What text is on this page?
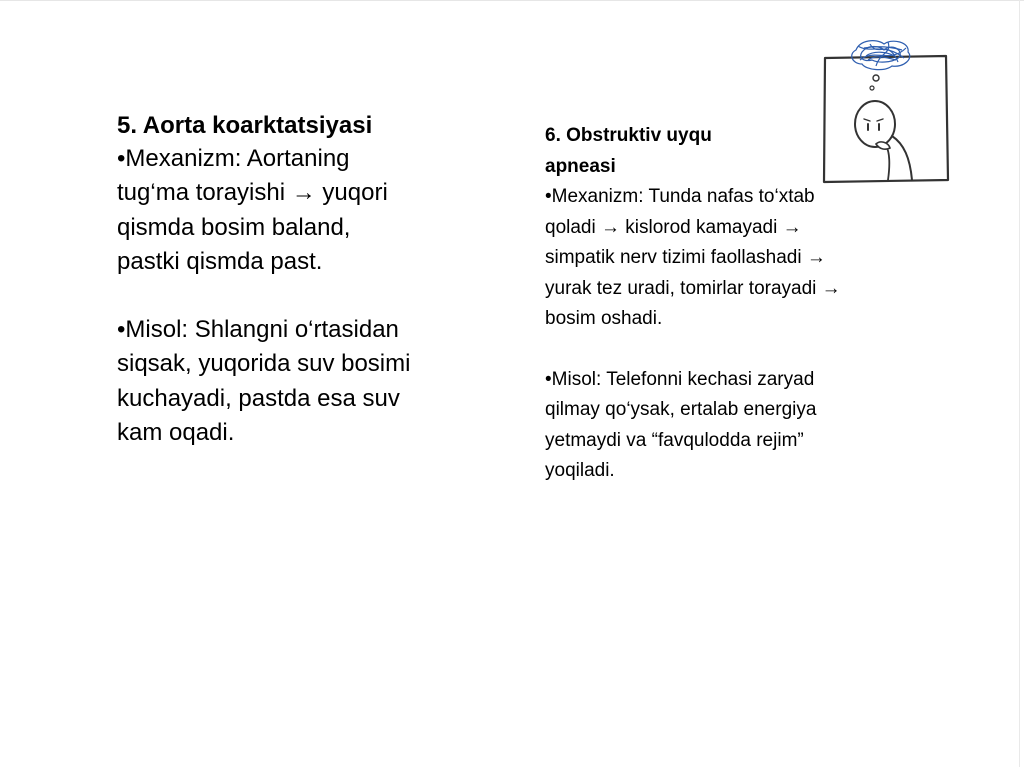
5. Aorta koarktatsiyasi

•Mexanizm: Aortaning tug‘ma torayishi → yuqori qismda bosim baland, pastki qismda past.

•Misol: Shlangni o‘rtasidan siqsak, yuqorida suv bosimi kuchayadi, pastda esa suv kam oqadi.

6. Obstruktiv uyqu apneasi

•Mexanizm: Tunda nafas to‘xtab qoladi → kislorod kamayadi → simpatik nerv tizimi faollashadi → yurak tez uradi, tomirlar torayadi → bosim oshadi.

•Misol: Telefonni kechasi zaryad qilmay qo‘ysak, ertalab energiya yetmaydi va “favqulodda rejim” yoqiladi.
